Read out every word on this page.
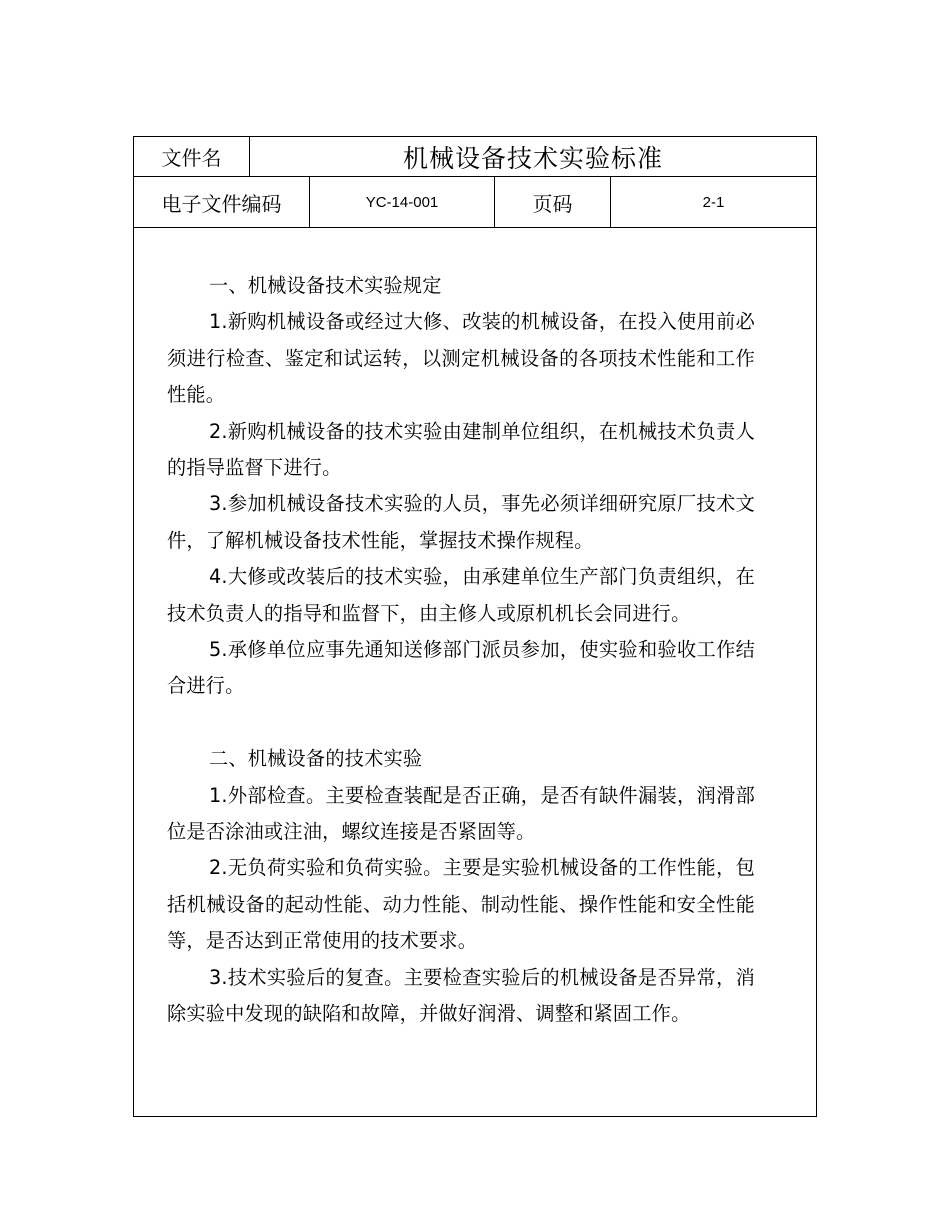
文件名	机械设备技术实验标准
电子文件编码	YC-14-001	页码	2-1

一、机械设备技术实验规定

1.新购机械设备或经过大修、改装的机械设备，在投入使用前必须进行检查、鉴定和试运转，以测定机械设备的各项技术性能和工作性能。

2.新购机械设备的技术实验由建制单位组织，在机械技术负责人的指导监督下进行。

3.参加机械设备技术实验的人员，事先必须详细研究原厂技术文件，了解机械设备技术性能，掌握技术操作规程。

4.大修或改装后的技术实验，由承建单位生产部门负责组织，在技术负责人的指导和监督下，由主修人或原机机长会同进行。

5.承修单位应事先通知送修部门派员参加，使实验和验收工作结合进行。

二、机械设备的技术实验

1.外部检查。主要检查装配是否正确，是否有缺件漏装，润滑部位是否涂油或注油，螺纹连接是否紧固等。

2.无负荷实验和负荷实验。主要是实验机械设备的工作性能，包括机械设备的起动性能、动力性能、制动性能、操作性能和安全性能等，是否达到正常使用的技术要求。

3.技术实验后的复查。主要检查实验后的机械设备是否异常，消除实验中发现的缺陷和故障，并做好润滑、调整和紧固工作。
